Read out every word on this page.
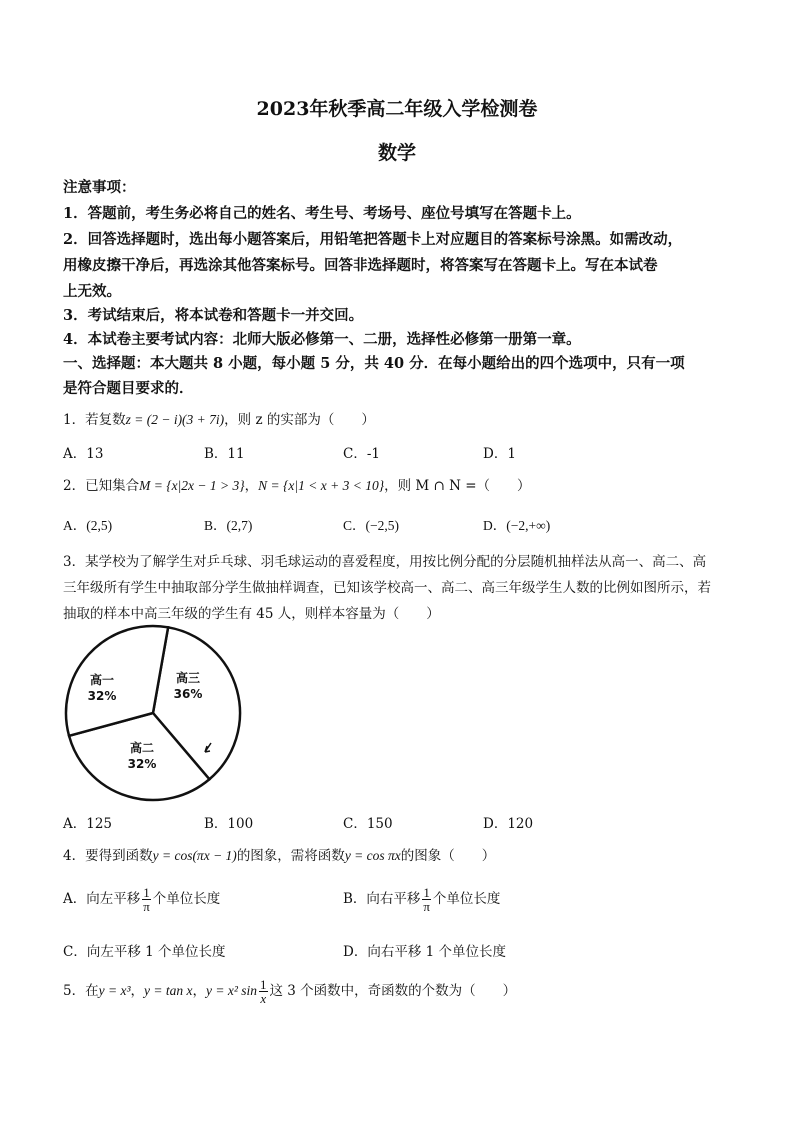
2023年秋季高二年级入学检测卷
数学
注意事项：
1．答题前，考生务必将自己的姓名、考生号、考场号、座位号填写在答题卡上。
2．回答选择题时，选出每小题答案后，用铅笔把答题卡上对应题目的答案标号涂黑。如需改动，
用橡皮擦干净后，再选涂其他答案标号。回答非选择题时，将答案写在答题卡上。写在本试卷
上无效。
3．考试结束后，将本试卷和答题卡一并交回。
4．本试卷主要考试内容：北师大版必修第一、二册，选择性必修第一册第一章。
一、选择题：本大题共 8 小题，每小题 5 分，共 40 分．在每小题给出的四个选项中，只有一项
是符合题目要求的．
1．若复数z = (2 − i)(3 + 7i)，则 z 的实部为（　　）
A．13	B．11	C．-1	D．1
2．已知集合M = {x|2x − 1 > 3}，N = {x|1 < x + 3 < 10}，则 M ∩ N =（　　）
A．(2,5)	B．(2,7)	C．(−2,5)	D．(−2,+∞)
3．某学校为了解学生对乒乓球、羽毛球运动的喜爱程度，用按比例分配的分层随机抽样法从高一、高二、高
三年级所有学生中抽取部分学生做抽样调查，已知该学校高一、高二、高三年级学生人数的比例如图所示，若
抽取的样本中高三年级的学生有 45 人，则样本容量为（　　）
高一
32%
高三
36%
高二
32%
A．125	B．100	C．150	D．120
4．要得到函数y = cos(πx − 1)的图象，需将函数y = cos πx的图象（　　）
A．向左平移 $\frac{1}{\pi}$ 个单位长度	B．向右平移 $\frac{1}{\pi}$ 个单位长度
C．向左平移 1 个单位长度	D．向右平移 1 个单位长度
5．在y = x³，y = tan x，y = x² $\sin \frac{1}{x}$ 这 3 个函数中，奇函数的个数为（　　）
